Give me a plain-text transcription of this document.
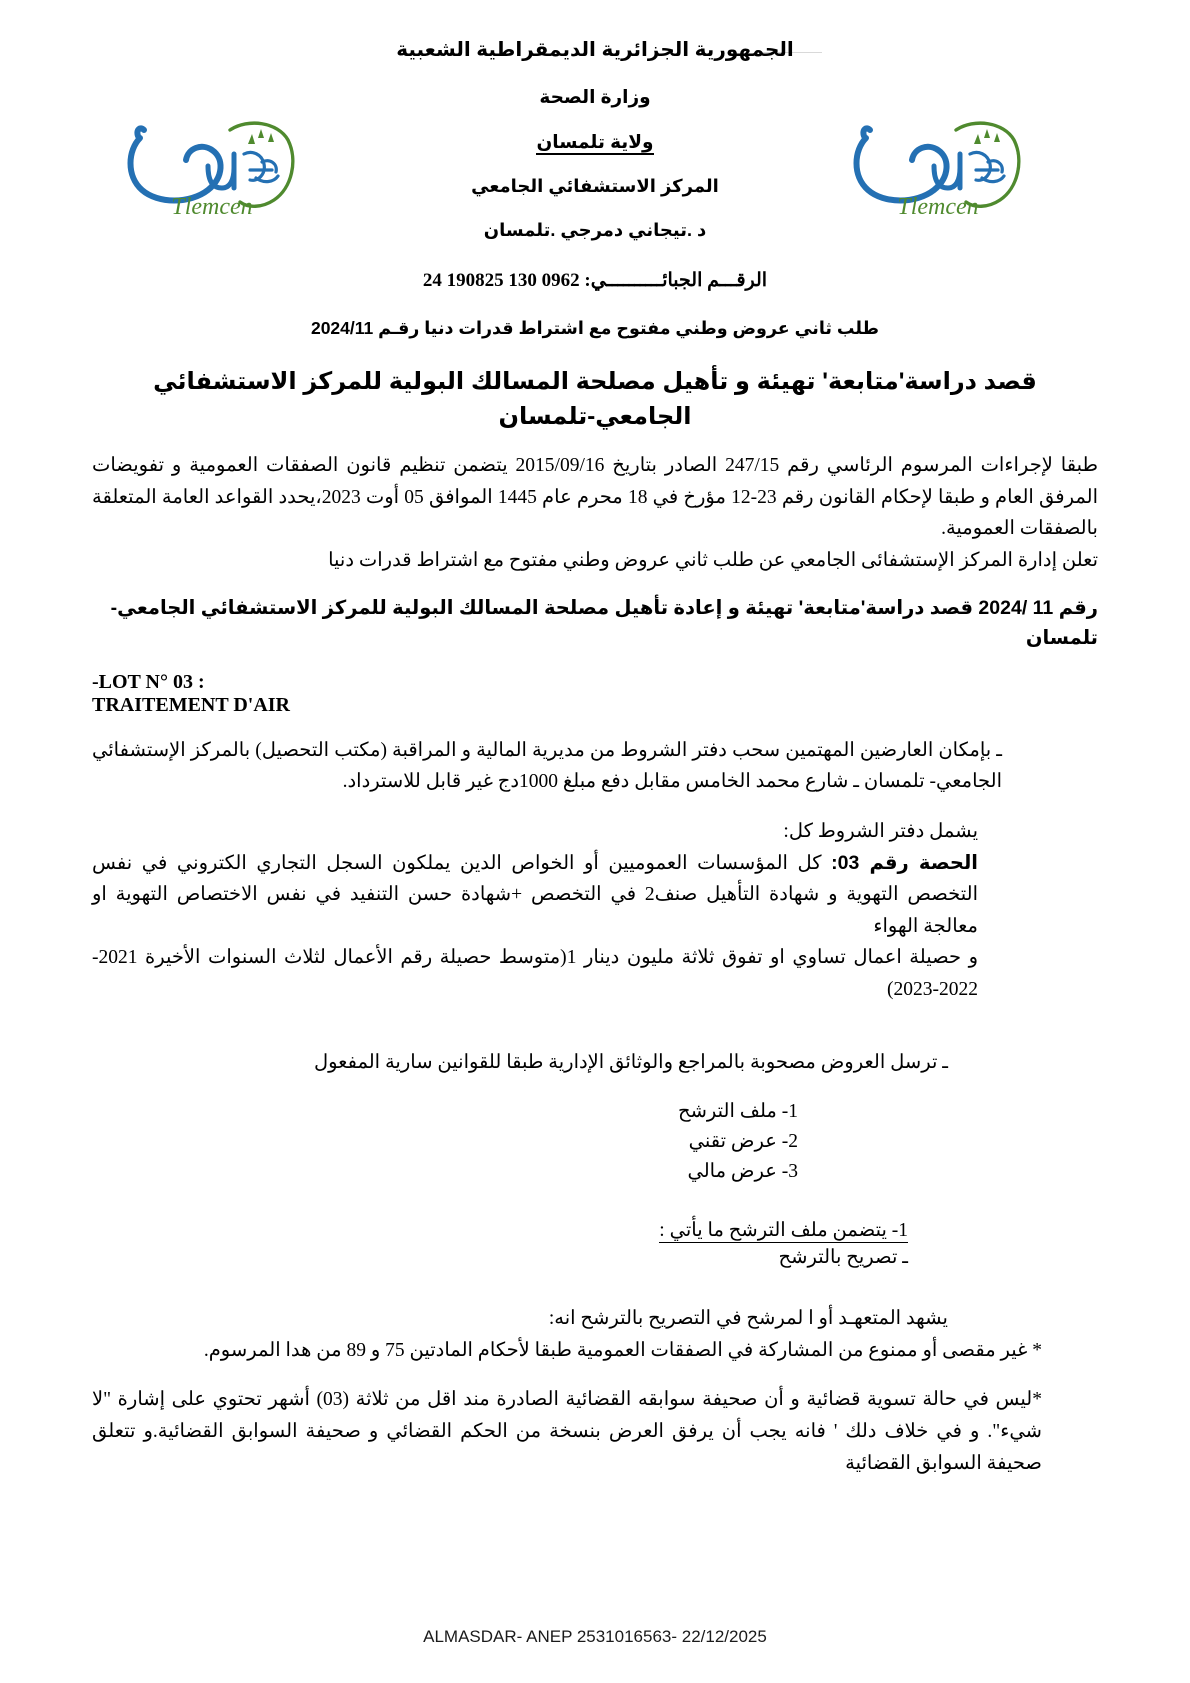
Tlemcen	Tlemcen
الجمهورية الجزائرية الديمقراطية الشعبية
وزارة الصحة
ولاية تلمسان
المركز الاستشفائي الجامعي
د .تيجاني دمرجي .تلمسان
الرقـــم الجبائــــــــــي: 24 190825 130 0962
طلب ثاني عروض وطني مفتوح مع اشتراط قدرات دنيا رقـم 2024/11
قصد دراسة'متابعة' تهيئة و تأهيل مصلحة المسالك البولية للمركز الاستشفائي الجامعي-تلمسان

طبقا لإجراءات المرسوم الرئاسي رقم 247/15 الصادر بتاريخ 2015/09/16 يتضمن تنظيم قانون الصفقات العمومية و تفويضات المرفق العام و طبقا لإحكام القانون رقم 23-12 مؤرخ في 18 محرم عام 1445 الموافق 05 أوت 2023،يحدد القواعد العامة المتعلقة بالصفقات العمومية.

تعلن إدارة المركز الإستشفائى الجامعي عن طلب ثاني عروض وطني مفتوح مع اشتراط قدرات دنيا

رقم 11 /2024 قصد دراسة'متابعة' تهيئة و إعادة تأهيل مصلحة المسالك البولية للمركز الاستشفائي الجامعي-تلمسان
-LOT N° 03 : TRAITEMENT D'AIR

ـ بإمكان العارضين المهتمين سحب دفتر الشروط من مديرية المالية و المراقبة (مكتب التحصيل) بالمركز الإستشفائي الجامعي- تلمسان ـ شارع محمد الخامس مقابل دفع مبلغ 1000دج غير قابل للاسترداد.

يشمل دفتر الشروط كل:

الحصة رقم 03: كل المؤسسات العموميين أو الخواص الدين يملكون السجل التجاري الكتروني في نفس التخصص التهوية و شهادة التأهيل صنف2 في التخصص +شهادة حسن التنفيد في نفس الاختصاص التهوية او معالجة الهواء

و حصيلة اعمال تساوي او تفوق ثلاثة مليون دينار 1(متوسط حصيلة رقم الأعمال لثلاث السنوات الأخيرة 2021-2022-2023)

ـ ترسل العروض مصحوبة بالمراجع والوثائق الإدارية طبقا للقوانين سارية المفعول

1- ملف الترشح
2- عرض تقني
3- عرض مالي
1- يتضمن ملف الترشح ما يأتي :

ـ تصريح بالترشح

يشهد المتعهـد أو ا لمرشح في التصريح بالترشح انه:

* غير مقصى أو ممنوع من المشاركة في الصفقات العمومية طبقا لأحكام المادتين 75 و 89 من هدا المرسوم.

*ليس في حالة تسوية قضائية و أن صحيفة سوابقه القضائية الصادرة مند اقل من ثلاثة (03) أشهر تحتوي على إشارة "لا شيء". و في خلاف دلك ' فانه يجب أن يرفق العرض بنسخة من الحكم القضائي و صحيفة السوابق القضائية.و تتعلق صحيفة السوابق القضائية

ALMASDAR- ANEP 2531016563- 22/12/2025
